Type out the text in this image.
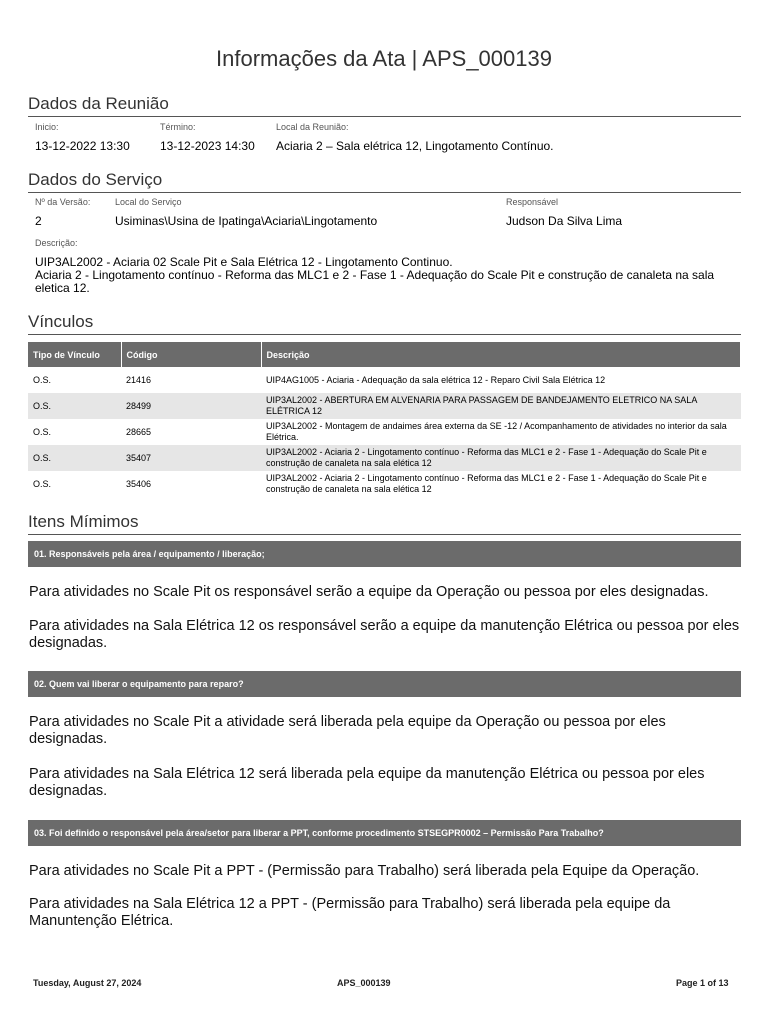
Informações da Ata | APS_000139
Dados da Reunião
Inicio:
13-12-2022 13:30
Término:
13-12-2023 14:30
Local da Reunião:
Aciaria 2 – Sala elétrica 12, Lingotamento Contínuo.
Dados do Serviço
Nº da Versão:
2
Local do Serviço
Usiminas\Usina de Ipatinga\Aciaria\Lingotamento
Responsável
Judson Da Silva Lima
Descrição:
UIP3AL2002 - Aciaria 02 Scale Pit e Sala Elétrica 12 - Lingotamento Continuo.
Aciaria 2 - Lingotamento contínuo - Reforma das MLC1 e 2 - Fase 1 - Adequação do Scale Pit e construção de canaleta na sala eletica 12.
Vínculos
Tipo de Vínculo	Código	Descrição
O.S.	21416	UIP4AG1005 - Aciaria - Adequação da sala elétrica 12 - Reparo Civil Sala Elétrica 12
O.S.	28499	UIP3AL2002 - ABERTURA EM ALVENARIA PARA PASSAGEM DE BANDEJAMENTO ELETRICO NA SALA ELÉTRICA 12
O.S.	28665	UIP3AL2002 - Montagem de andaimes área externa da SE -12 / Acompanhamento de atividades no interior da sala Elétrica.
O.S.	35407	UIP3AL2002 - Aciaria 2 - Lingotamento contínuo - Reforma das MLC1 e 2 - Fase 1 - Adequação do Scale Pit e construção de canaleta na sala elética 12
O.S.	35406	UIP3AL2002 - Aciaria 2 - Lingotamento contínuo - Reforma das MLC1 e 2 - Fase 1 - Adequação do Scale Pit e construção de canaleta na sala elética 12
Itens Mímimos
01. Responsáveis pela área / equipamento / liberação;
Para atividades no Scale Pit os responsável serão a equipe da Operação ou pessoa por eles designadas.
Para atividades na Sala Elétrica 12 os responsável serão a equipe da manutenção Elétrica ou pessoa por eles designadas.
02. Quem vai liberar o equipamento para reparo?
Para atividades no Scale Pit a atividade será liberada pela equipe da Operação ou pessoa por eles designadas.
Para atividades na Sala Elétrica 12 será liberada pela equipe da manutenção Elétrica ou pessoa por eles designadas.
03. Foi definido o responsável pela área/setor para liberar a PPT, conforme procedimento STSEGPR0002 – Permissão Para Trabalho?
Para atividades no Scale Pit a PPT - (Permissão para Trabalho) será liberada pela Equipe da Operação.
Para atividades na Sala Elétrica 12 a PPT - (Permissão para Trabalho) será liberada pela equipe da Manuntenção Elétrica.
Tuesday, August 27, 2024	APS_000139	Page 1 of 13
